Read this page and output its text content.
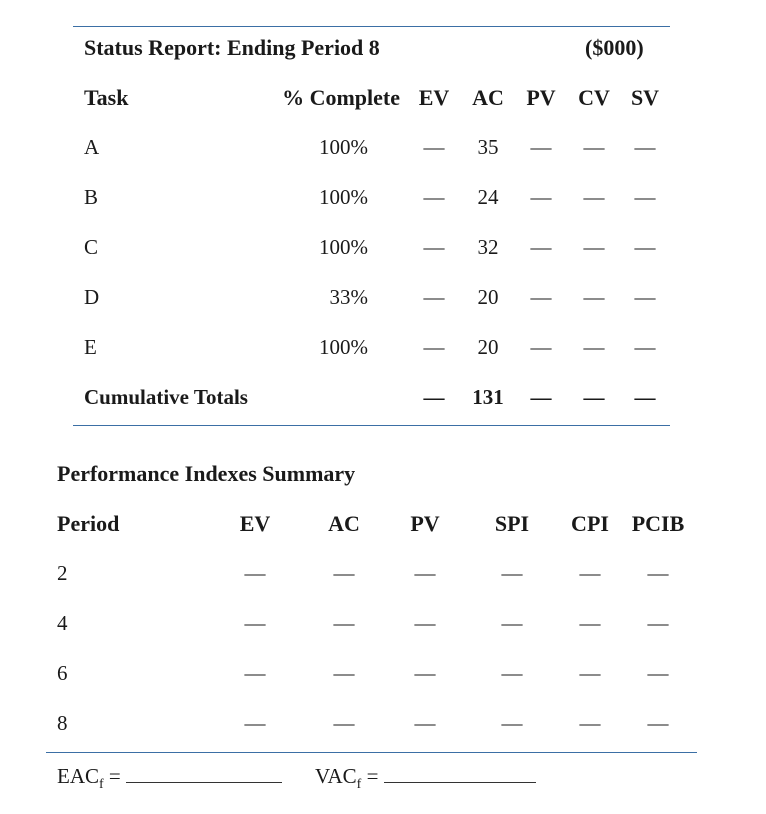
Status Report: Ending Period 8	($000)
Task	% Complete EV AC PV CV SV
A	100%	— 35 — — —
B	100%	— 24 — — —
C	100%	— 32 — — —
D	33%	— 20 — — —
E	100%	— 20 — — —
Cumulative Totals	— 131 — — —
Performance Indexes Summary
Period	EV	AC PV	SPI CPI PCIB
2	—	—	—	—	— —
4	—	—	—	—	— —
6	—	—	—	—	— —
8	—	—	—	—	— —
$EAC_f$ =	$VAC_f$ =
